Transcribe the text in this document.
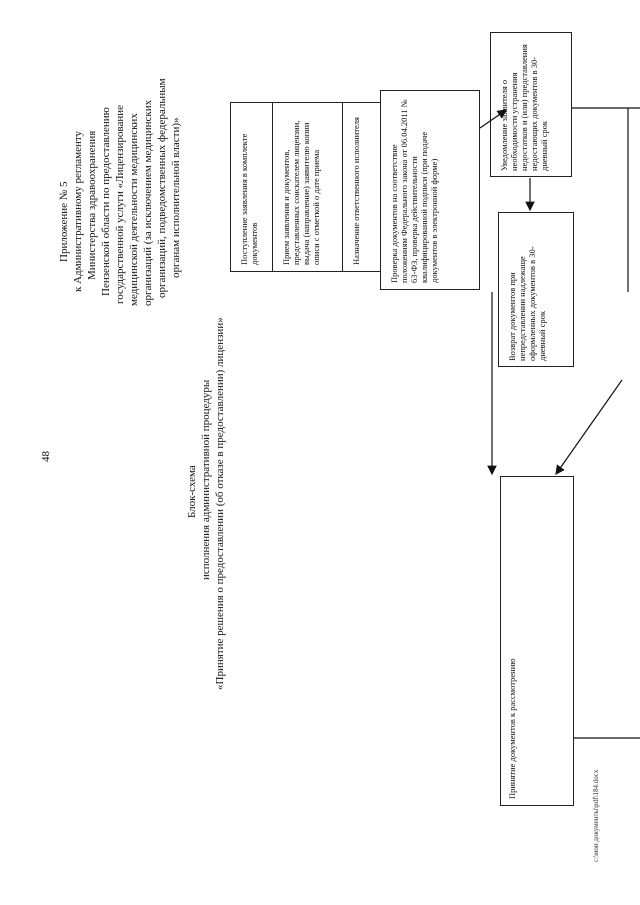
48
Приложение № 5 к Административному регламенту Министерства здравоохранения Пензенской области по предоставлению государственной услуги «Лицензирование медицинской деятельности медицинских организаций (за исключением медицинских организаций, подведомственных федеральным органам исполнительной власти)»
Блок-схема исполнения административной процедуры «Принятие решения о предоставлении (об отказе в предоставлении) лицензии»
Поступление заявления в комплекте документов	Прием заявления и документов, представленных соискателем лицензии, выдача (направление) заявителю копии описи с отметкой о дате приема	Назначение ответственного исполнителя	Проверка документов на соответствие положениям Федерального закона от 06.04.2011 № 63-ФЗ, проверка действительности квалифицированной подписи (при подаче документов в электронной форме)
Уведомление заявителя о необходимости устранения недостатков и (или) представления недостающих документов в 30-дневный срок
Возврат документов при непредставлении надлежаще оформленных документов в 30-дневный срок
Принятие документов к рассмотрению
c:\мои документы\pdf\184.docx
